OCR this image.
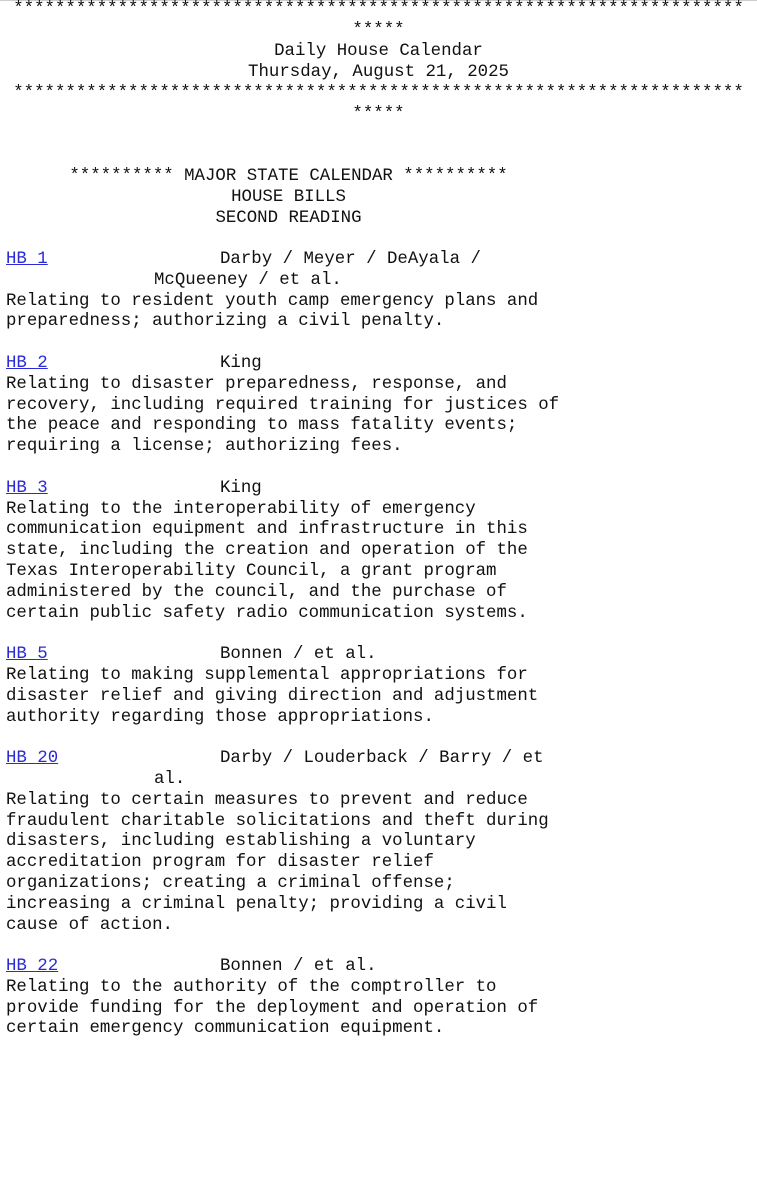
**********************************************************************
*****
Daily House Calendar
Thursday, August 21, 2025
**********************************************************************
*****
********** MAJOR STATE CALENDAR **********
HOUSE BILLS
SECOND READING
HB 1	Darby / Meyer / DeAyala /
McQueeney / et al.
Relating to resident youth camp emergency plans and
preparedness; authorizing a civil penalty.
HB 2	King
Relating to disaster preparedness, response, and
recovery, including required training for justices of
the peace and responding to mass fatality events;
requiring a license; authorizing fees.
HB 3	King
Relating to the interoperability of emergency
communication equipment and infrastructure in this
state, including the creation and operation of the
Texas Interoperability Council, a grant program
administered by the council, and the purchase of
certain public safety radio communication systems.
HB 5	Bonnen / et al.
Relating to making supplemental appropriations for
disaster relief and giving direction and adjustment
authority regarding those appropriations.
HB 20	Darby / Louderback / Barry / et
al.
Relating to certain measures to prevent and reduce
fraudulent charitable solicitations and theft during
disasters, including establishing a voluntary
accreditation program for disaster relief
organizations; creating a criminal offense;
increasing a criminal penalty; providing a civil
cause of action.
HB 22	Bonnen / et al.
Relating to the authority of the comptroller to
provide funding for the deployment and operation of
certain emergency communication equipment.
